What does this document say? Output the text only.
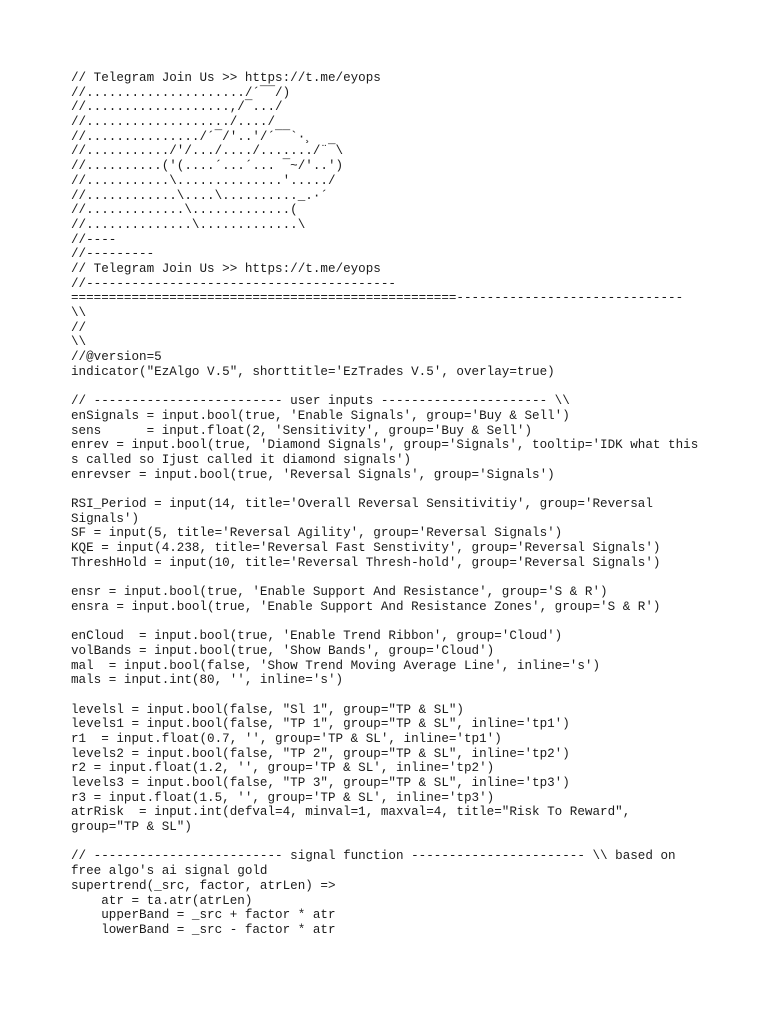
// Telegram Join Us >> https://t.me/eyops
//...................../´¯¯/)
//...................,/¯.../
//.................../..../
//.............../´¯/'..'/´¯¯`·¸
//.........../'/.../..../......./¨¯\
//..........('(....´...´... ¯~/'..')
//...........\..............'...../
//............\....\.........._.·´
//.............\.............(
//..............\.............\
//----
//---------
// Telegram Join Us >> https://t.me/eyops
//-----------------------------------------
===================================================------------------------------
\\
//
\\
//@version=5
indicator("EzAlgo V.5", shorttitle='EzTrades V.5', overlay=true)
// ------------------------- user inputs ---------------------- \\
enSignals = input.bool(true, 'Enable Signals', group='Buy & Sell')
sens      = input.float(2, 'Sensitivity', group='Buy & Sell')
enrev = input.bool(true, 'Diamond Signals', group='Signals', tooltip='IDK what this
s called so Ijust called it diamond signals')
enrevser = input.bool(true, 'Reversal Signals', group='Signals')
RSI_Period = input(14, title='Overall Reversal Sensitivitiy', group='Reversal
Signals')
SF = input(5, title='Reversal Agility', group='Reversal Signals')
KQE = input(4.238, title='Reversal Fast Senstivity', group='Reversal Signals')
ThreshHold = input(10, title='Reversal Thresh-hold', group='Reversal Signals')
ensr = input.bool(true, 'Enable Support And Resistance', group='S & R')
ensra = input.bool(true, 'Enable Support And Resistance Zones', group='S & R')
enCloud  = input.bool(true, 'Enable Trend Ribbon', group='Cloud')
volBands = input.bool(true, 'Show Bands', group='Cloud')
mal  = input.bool(false, 'Show Trend Moving Average Line', inline='s')
mals = input.int(80, '', inline='s')
levelsl = input.bool(false, "Sl 1", group="TP & SL")
levels1 = input.bool(false, "TP 1", group="TP & SL", inline='tp1')
r1  = input.float(0.7, '', group='TP & SL', inline='tp1')
levels2 = input.bool(false, "TP 2", group="TP & SL", inline='tp2')
r2 = input.float(1.2, '', group='TP & SL', inline='tp2')
levels3 = input.bool(false, "TP 3", group="TP & SL", inline='tp3')
r3 = input.float(1.5, '', group='TP & SL', inline='tp3')
atrRisk  = input.int(defval=4, minval=1, maxval=4, title="Risk To Reward",
group="TP & SL")
// ------------------------- signal function ----------------------- \\ based on
free algo's ai signal gold
supertrend(_src, factor, atrLen) =>
atr = ta.atr(atrLen)
upperBand = _src + factor * atr
lowerBand = _src - factor * atr
